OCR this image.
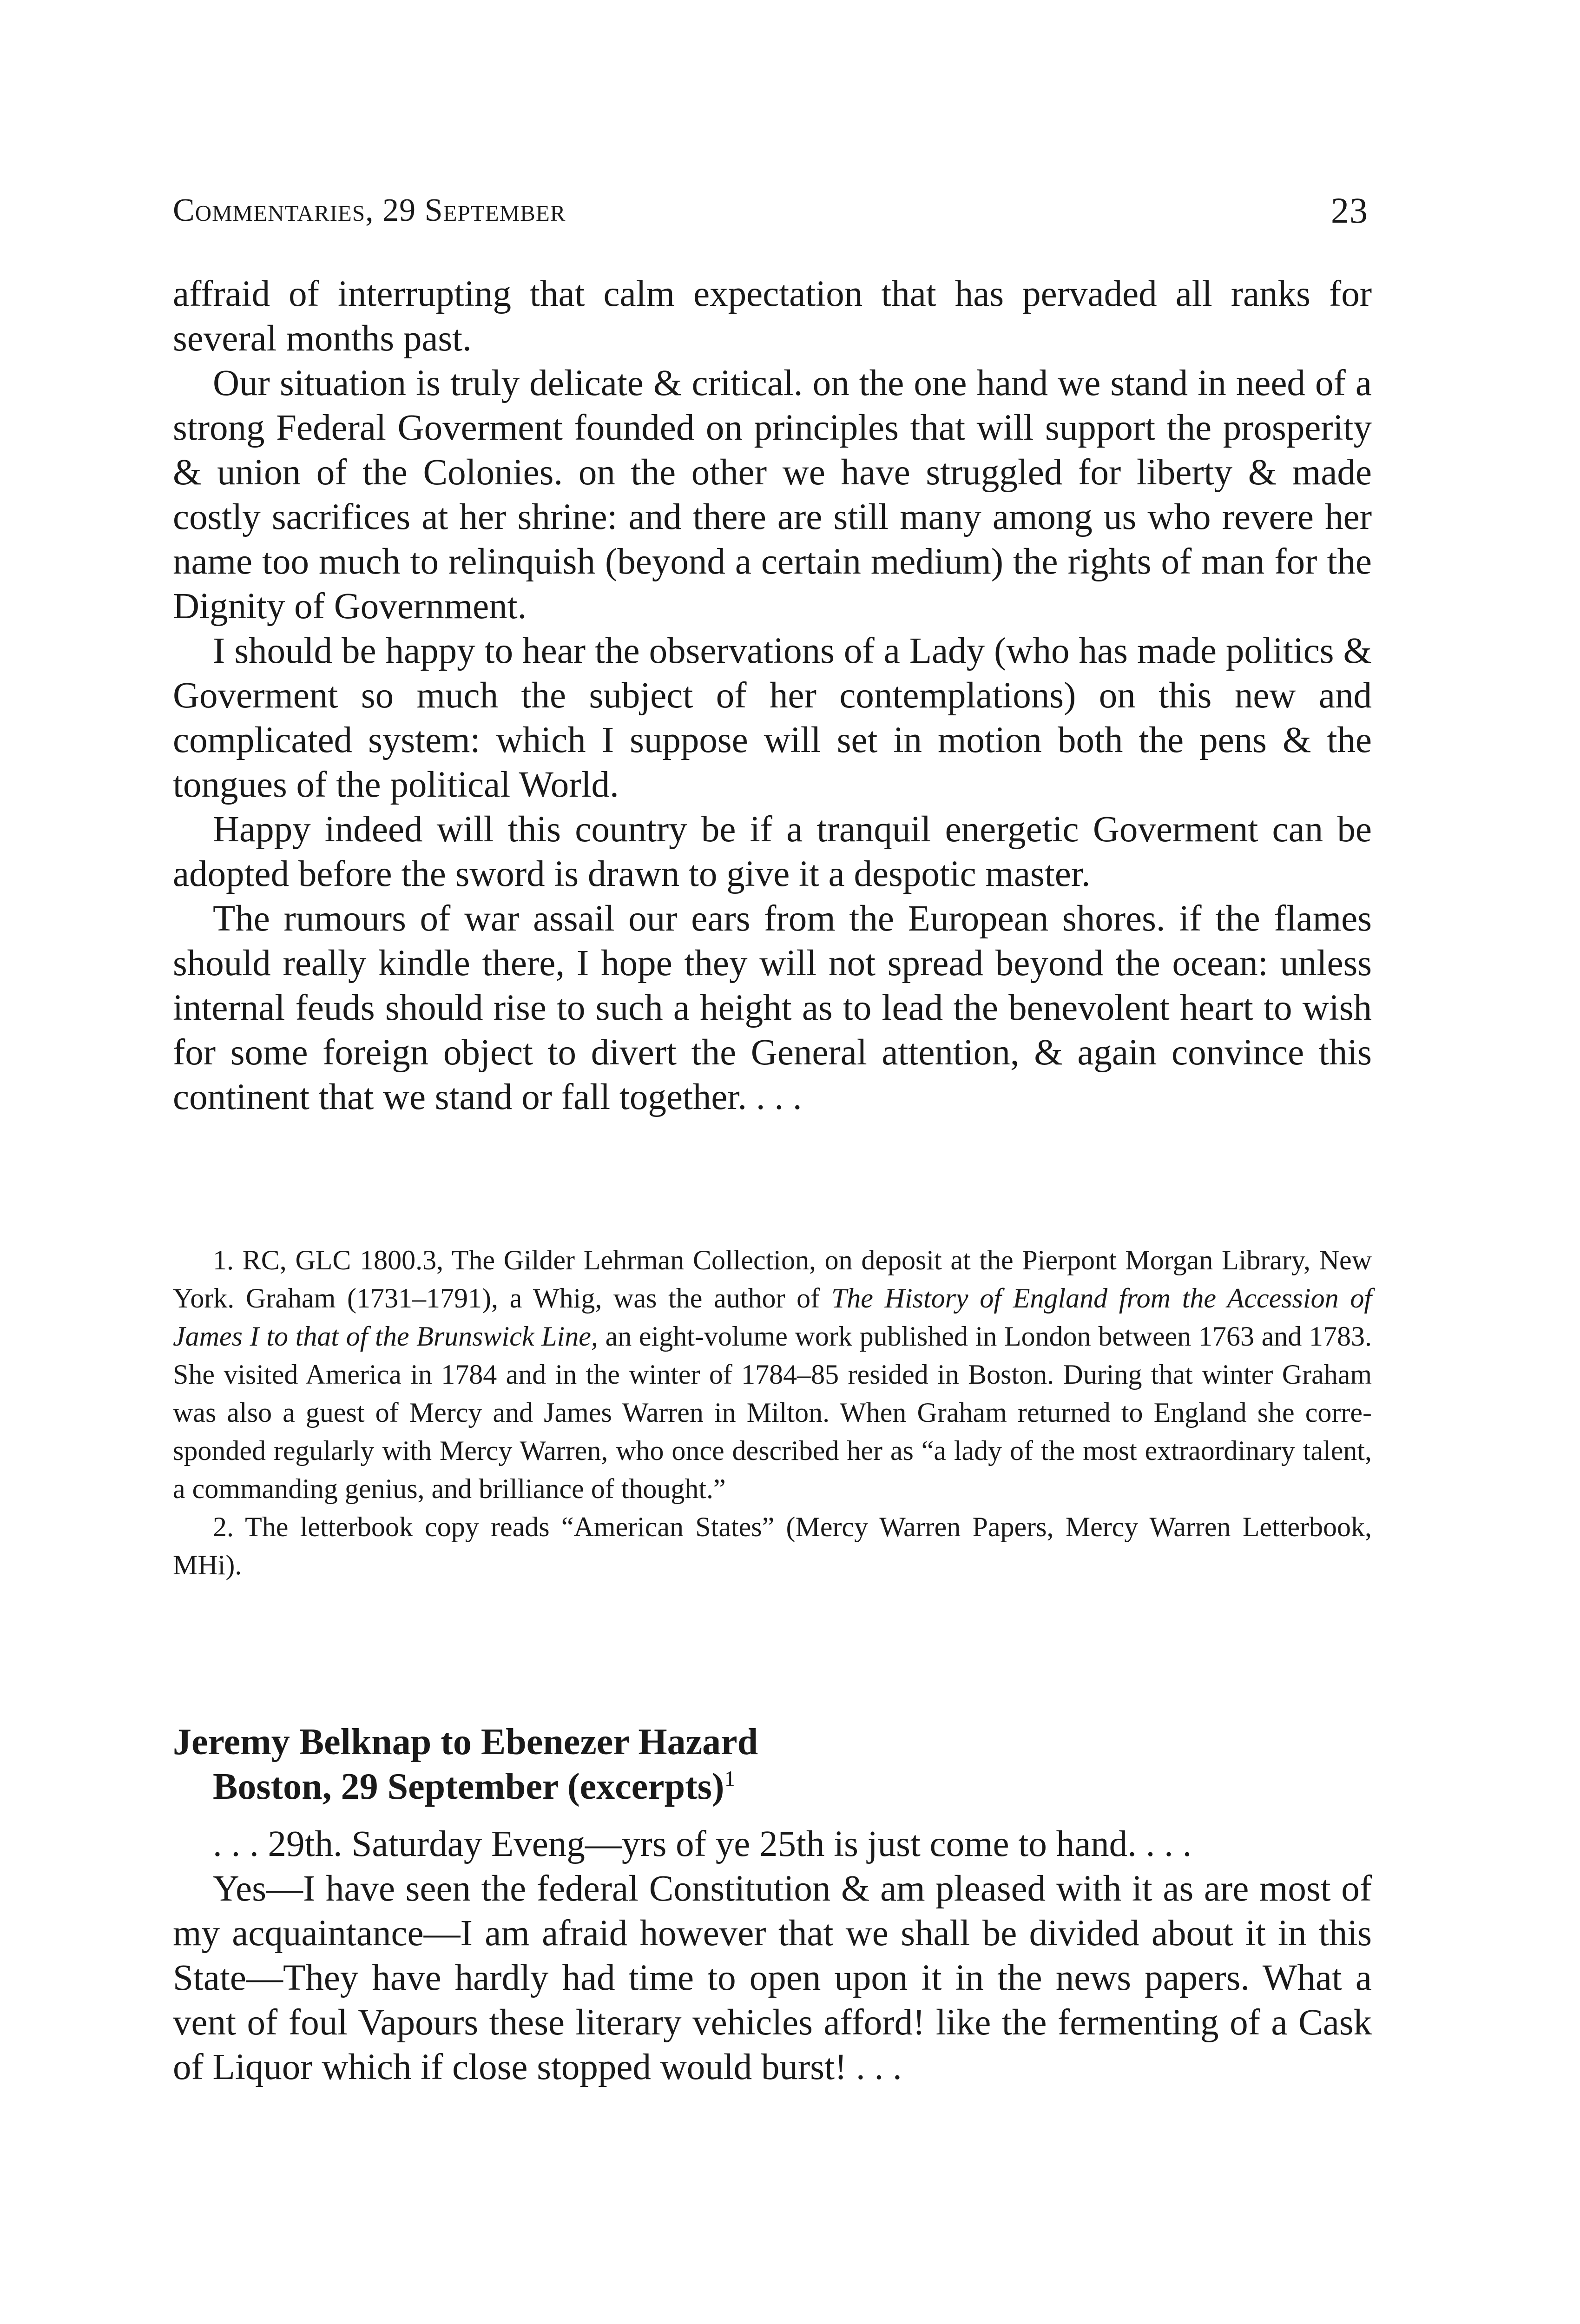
Commentaries, 29 September	23

affraid of interrupting that calm expectation that has pervaded all ranks for several months past.

Our situation is truly delicate & critical. on the one hand we stand in need of a strong Federal Goverment founded on principles that will support the prosperity & union of the Colonies. on the other we have struggled for liberty & made costly sacrifices at her shrine: and there are still many among us who revere her name too much to relinquish (beyond a certain medium) the rights of man for the Dignity of Government.

I should be happy to hear the observations of a Lady (who has made politics & Goverment so much the subject of her contemplations) on this new and complicated system: which I suppose will set in motion both the pens & the tongues of the political World.

Happy indeed will this country be if a tranquil energetic Goverment can be adopted before the sword is drawn to give it a despotic master.

The rumours of war assail our ears from the European shores. if the flames should really kindle there, I hope they will not spread beyond the ocean: unless internal feuds should rise to such a height as to lead the benevolent heart to wish for some foreign object to divert the General attention, & again convince this continent that we stand or fall together. . . .

1. RC, GLC 1800.3, The Gilder Lehrman Collection, on deposit at the Pierpont Morgan Library, New York. Graham (1731–1791), a Whig, was the author of The History of England from the Accession of James I to that of the Brunswick Line, an eight-volume work published in London between 1763 and 1783. She visited America in 1784 and in the winter of 1784–85 resided in Boston. During that winter Graham was also a guest of Mercy and James Warren in Milton. When Graham returned to England she corresponded regularly with Mercy Warren, who once described her as “a lady of the most extraordinary talent, a commanding genius, and brilliance of thought.”

2. The letterbook copy reads “American States” (Mercy Warren Papers, Mercy Warren Letterbook, MHi).

Jeremy Belknap to Ebenezer Hazard
Boston, 29 September (excerpts)$^1$

. . . 29th. Saturday Eveng—yrs of ye 25th is just come to hand. . . .

Yes—I have seen the federal Constitution & am pleased with it as are most of my acquaintance—I am afraid however that we shall be divided about it in this State—They have hardly had time to open upon it in the news papers. What a vent of foul Vapours these literary vehicles afford! like the fermenting of a Cask of Liquor which if close stopped would burst! . . .
